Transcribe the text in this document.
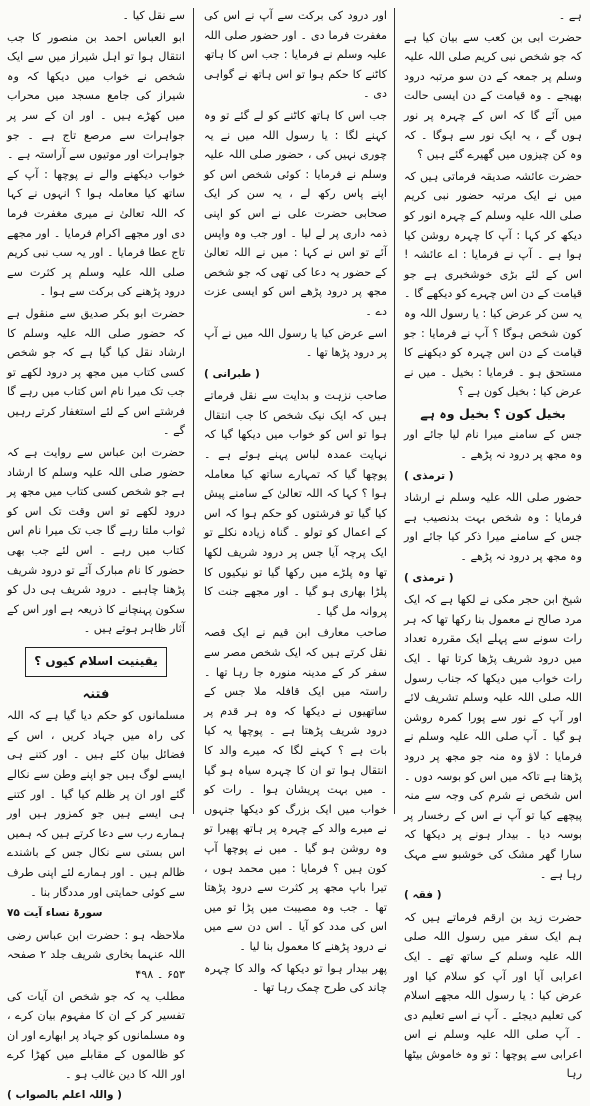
ہے ۔

حضرت ابی بن کعب سے بیان کیا ہے کہ جو شخص نبی کریم صلی اللہ علیہ وسلم پر جمعہ کے دن سو مرتبہ درود بھیجے ۔ وہ قیامت کے دن ایسی حالت میں آئے گا کہ اس کے چہرہ پر نور ہوں گے ، یہ ایک نور سے ہوگا ۔ کہ وہ کن چیزوں میں گھیرے گئے ہیں ؟

حضرت عائشہ صدیقہ فرماتی ہیں کہ میں نے ایک مرتبہ حضور نبی کریم صلی اللہ علیہ وسلم کے چہرہ انور کو دیکھ کر کہا : آپ کا چہرہ روشن کیا ہوا ہے ۔ آپ نے فرمایا : اے عائشہ ! اس کے لئے بڑی خوشخبری ہے جو قیامت کے دن اس چہرے کو دیکھے گا ۔ یہ سن کر عرض کیا : یا رسول اللہ وہ کون شخص ہوگا ؟ آپ نے فرمایا : جو قیامت کے دن اس چہرہ کو دیکھنے کا مستحق ہو ۔ فرمایا : بخیل ۔ میں نے عرض کیا : بخیل کون ہے ؟

بخیل کون ؟ بخیل وہ ہے

جس کے سامنے میرا نام لیا جائے اور وہ مجھ پر درود نہ پڑھے ۔

( ترمذی )

حضور صلی اللہ علیہ وسلم نے ارشاد فرمایا : وہ شخص بہت بدنصیب ہے جس کے سامنے میرا ذکر کیا جائے اور وہ مجھ پر درود نہ پڑھے ۔

( ترمذی )

شیخ ابن حجر مکی نے لکھا ہے کہ ایک مرد صالح نے معمول بنا رکھا تھا کہ ہر رات سونے سے پہلے ایک مقررہ تعداد میں درود شریف پڑھا کرتا تھا ۔ ایک رات خواب میں دیکھا کہ جناب رسول اللہ صلی اللہ علیہ وسلم تشریف لائے اور آپ کے نور سے پورا کمرہ روشن ہو گیا ۔ آپ صلی اللہ علیہ وسلم نے فرمایا : لاؤ وہ منہ جو مجھ پر درود پڑھتا ہے تاکہ میں اس کو بوسہ دوں ۔ اس شخص نے شرم کی وجہ سے منہ پیچھے کیا تو آپ نے اس کے رخسار پر بوسہ دیا ۔ بیدار ہونے پر دیکھا کہ سارا گھر مشک کی خوشبو سے مہک رہا ہے ۔

( فقہ )

حضرت زید بن ارقم فرماتے ہیں کہ ہم ایک سفر میں رسول اللہ صلی اللہ علیہ وسلم کے ساتھ تھے ۔ ایک اعرابی آیا اور آپ کو سلام کیا اور عرض کیا : یا رسول اللہ مجھے اسلام کی تعلیم دیجئے ۔ آپ نے اسے تعلیم دی ۔ آپ صلی اللہ علیہ وسلم نے اس اعرابی سے پوچھا : تو وہ خاموش بیٹھا رہا

اور درود کی برکت سے آپ نے اس کی مغفرت فرما دی ۔ اور حضور صلی اللہ علیہ وسلم نے فرمایا : جب اس کا ہاتھ کاٹنے کا حکم ہوا تو اس ہاتھ نے گواہی دی ۔

جب اس کا ہاتھ کاٹنے کو لے گئے تو وہ کہنے لگا : یا رسول اللہ میں نے یہ چوری نہیں کی ، حضور صلی اللہ علیہ وسلم نے فرمایا : کوئی شخص اس کو اپنے پاس رکھ لے ، یہ سن کر ایک صحابی حضرت علی نے اس کو اپنی ذمہ داری پر لے لیا ۔ اور جب وہ واپس آئے تو اس نے کہا : میں نے اللہ تعالیٰ کے حضور یہ دعا کی تھی کہ جو شخص مجھ پر درود پڑھے اس کو ایسی عزت دے ۔

اسے عرض کیا یا رسول اللہ میں نے آپ پر درود پڑھا تھا ۔

( طبرانی )

صاحب نزہت و بدایت سے نقل فرماتے ہیں کہ ایک نیک شخص کا جب انتقال ہوا تو اس کو خواب میں دیکھا گیا کہ نہایت عمدہ لباس پہنے ہوئے ہے ۔ پوچھا گیا کہ تمہارے ساتھ کیا معاملہ ہوا ؟ کہا کہ اللہ تعالیٰ کے سامنے پیش کیا گیا تو فرشتوں کو حکم ہوا کہ اس کے اعمال کو تولو ۔ گناہ زیادہ نکلے تو ایک پرچہ آیا جس پر درود شریف لکھا تھا وہ پلڑے میں رکھا گیا تو نیکیوں کا پلڑا بھاری ہو گیا ۔ اور مجھے جنت کا پروانہ مل گیا ۔

صاحب معارف ابن قیم نے ایک قصہ نقل کرتے ہیں کہ ایک شخص مصر سے سفر کر کے مدینہ منورہ جا رہا تھا ۔ راستہ میں ایک قافلہ ملا جس کے ساتھیوں نے دیکھا کہ وہ ہر قدم پر درود شریف پڑھتا ہے ۔ پوچھا یہ کیا بات ہے ؟ کہنے لگا کہ میرے والد کا انتقال ہوا تو ان کا چہرہ سیاہ ہو گیا ۔ میں بہت پریشان ہوا ۔ رات کو خواب میں ایک بزرگ کو دیکھا جنہوں نے میرے والد کے چہرہ پر ہاتھ پھیرا تو وہ روشن ہو گیا ۔ میں نے پوچھا آپ کون ہیں ؟ فرمایا : میں محمد ہوں ، تیرا باپ مجھ پر کثرت سے درود پڑھتا تھا ۔ جب وہ مصیبت میں پڑا تو میں اس کی مدد کو آیا ۔ اس دن سے میں نے درود پڑھنے کا معمول بنا لیا ۔

پھر بیدار ہوا تو دیکھا کہ والد کا چہرہ چاند کی طرح چمک رہا تھا ۔

سے نقل کیا ۔

ابو العباس احمد بن منصور کا جب انتقال ہوا تو اہل شیراز میں سے ایک شخص نے خواب میں دیکھا کہ وہ شیراز کی جامع مسجد میں محراب میں کھڑے ہیں ۔ اور ان کے سر پر جواہرات سے مرصع تاج ہے ۔ جو جواہرات اور موتیوں سے آراستہ ہے ۔ خواب دیکھنے والے نے پوچھا : آپ کے ساتھ کیا معاملہ ہوا ؟ انہوں نے کہا کہ اللہ تعالیٰ نے میری مغفرت فرما دی اور مجھے اکرام فرمایا ۔ اور مجھے تاج عطا فرمایا ۔ اور یہ سب نبی کریم صلی اللہ علیہ وسلم پر کثرت سے درود پڑھنے کی برکت سے ہوا ۔

حضرت ابو بکر صدیق سے منقول ہے کہ حضور صلی اللہ علیہ وسلم کا ارشاد نقل کیا گیا ہے کہ جو شخص کسی کتاب میں مجھ پر درود لکھے تو جب تک میرا نام اس کتاب میں رہے گا فرشتے اس کے لئے استغفار کرتے رہیں گے ۔

حضرت ابن عباس سے روایت ہے کہ حضور صلی اللہ علیہ وسلم کا ارشاد ہے جو شخص کسی کتاب میں مجھ پر درود لکھے تو اس وقت تک اس کو ثواب ملتا رہے گا جب تک میرا نام اس کتاب میں رہے ۔ اس لئے جب بھی حضور کا نام مبارک آئے تو درود شریف پڑھنا چاہیے ۔ درود شریف ہی دل کو سکون پہنچانے کا ذریعہ ہے اور اس کے آثار ظاہر ہوتے ہیں ۔

یقینیت اسلام کیوں ؟

فتنہ

مسلمانوں کو حکم دیا گیا ہے کہ اللہ کی راہ میں جہاد کریں ، اس کے فضائل بیان کئے ہیں ۔ اور کتنے ہی ایسے لوگ ہیں جو اپنے وطن سے نکالے گئے اور ان پر ظلم کیا گیا ۔ اور کتنے ہی ایسے ہیں جو کمزور ہیں اور ہمارے رب سے دعا کرتے ہیں کہ ہمیں اس بستی سے نکال جس کے باشندے ظالم ہیں ۔ اور ہمارے لئے اپنی طرف سے کوئی حمایتی اور مددگار بنا ۔

سورۃ نساء آیت ۷۵

ملاحظہ ہو : حضرت ابن عباس رضی اللہ عنہما بخاری شریف جلد ۲ صفحہ ۶۵۳ ۔ ۴۹۸

مطلب یہ کہ جو شخص ان آیات کی تفسیر کر کے ان کا مفہوم بیان کرے ، وہ مسلمانوں کو جہاد پر ابھارے اور ان کو ظالموں کے مقابلے میں کھڑا کرے اور اللہ کا دین غالب ہو ۔

( واللہ اعلم بالصواب )
